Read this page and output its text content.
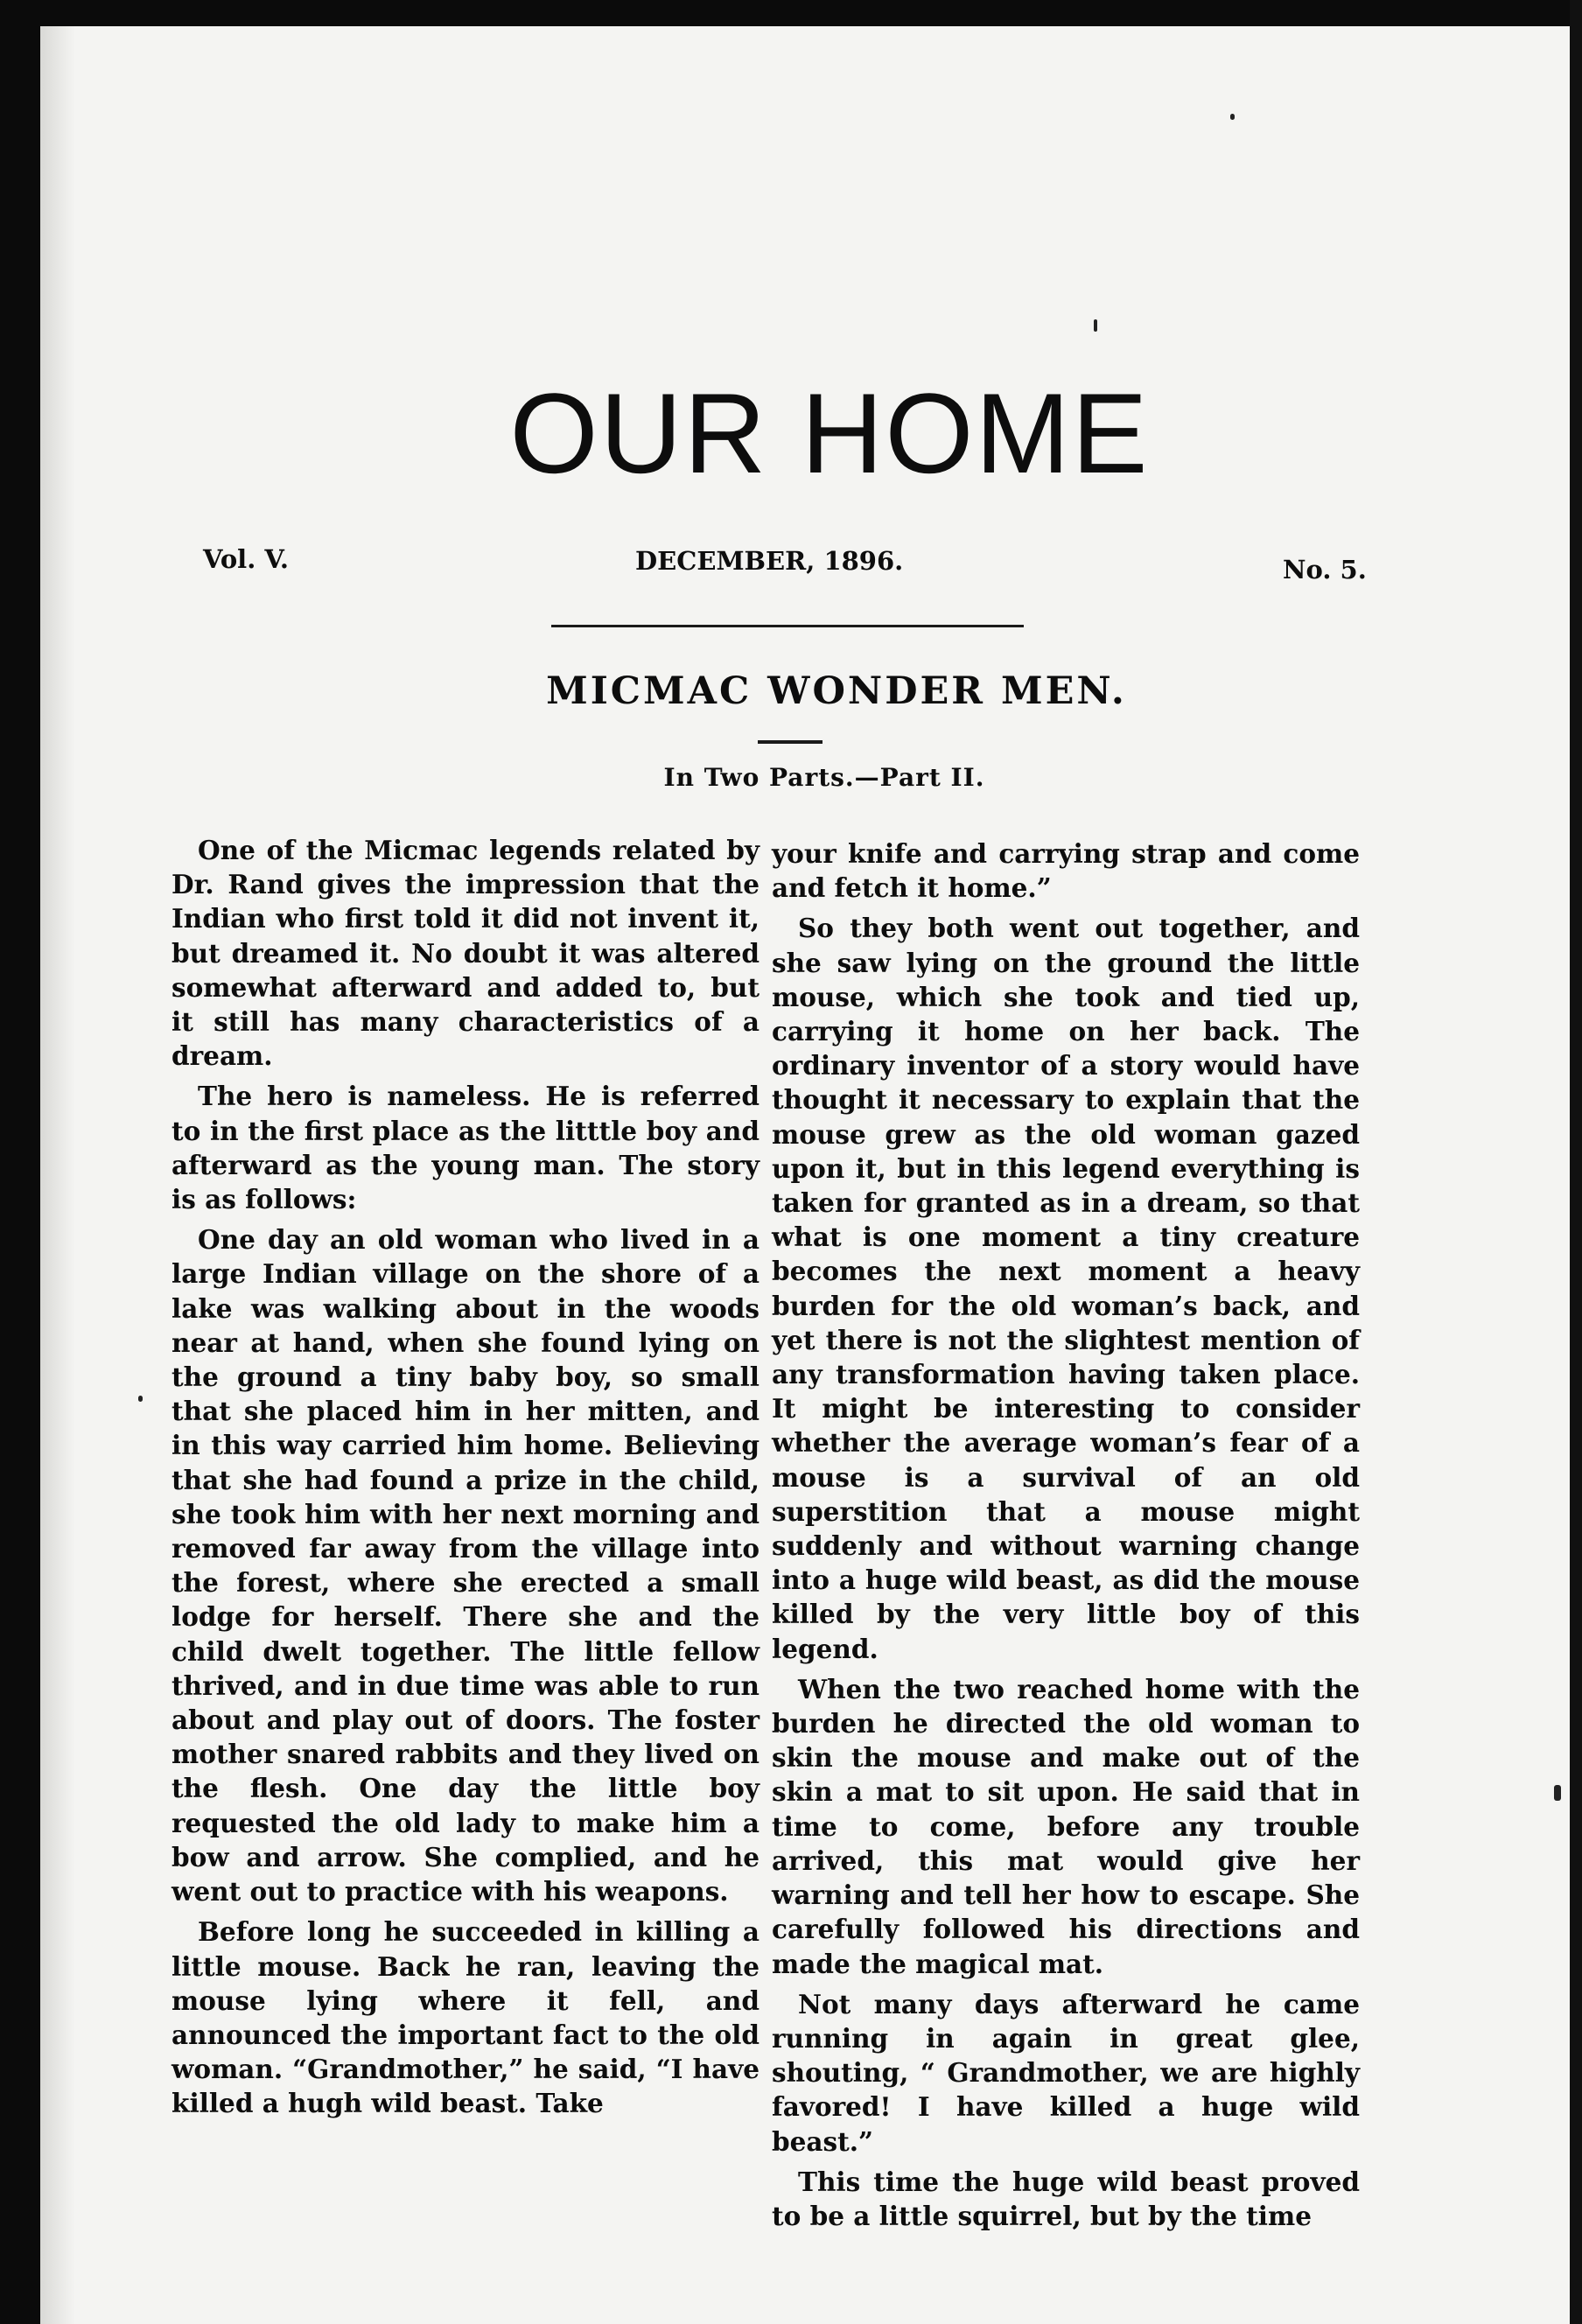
OUR HOME
Vol. V.	DECEMBER, 1896.	No. 5.
MICMAC WONDER MEN.
In Two Parts.—Part II.

One of the Micmac legends related by Dr. Rand gives the impression that the Indian who first told it did not invent it, but dreamed it. No doubt it was altered somewhat afterward and added to, but it still has many characteristics of a dream.

The hero is nameless. He is referred to in the first place as the litttle boy and afterward as the young man. The story is as follows:

One day an old woman who lived in a large Indian village on the shore of a lake was walking about in the woods near at hand, when she found lying on the ground a tiny baby boy, so small that she placed him in her mitten, and in this way carried him home. Believing that she had found a prize in the child, she took him with her next morning and removed far away from the village into the forest, where she erected a small lodge for herself. There she and the child dwelt together. The little fellow thrived, and in due time was able to run about and play out of doors. The foster mother snared rabbits and they lived on the flesh. One day the little boy requested the old lady to make him a bow and arrow. She complied, and he went out to practice with his weapons.

Before long he succeeded in killing a little mouse. Back he ran, leaving the mouse lying where it fell, and announced the important fact to the old woman. “Grandmother,” he said, “I have killed a hugh wild beast. Take

your knife and carrying strap and come and fetch it home.”

So they both went out together, and she saw lying on the ground the little mouse, which she took and tied up, carrying it home on her back. The ordinary inventor of a story would have thought it necessary to explain that the mouse grew as the old woman gazed upon it, but in this legend everything is taken for granted as in a dream, so that what is one moment a tiny creature becomes the next moment a heavy burden for the old woman’s back, and yet there is not the slightest mention of any transformation having taken place. It might be interesting to consider whether the average woman’s fear of a mouse is a survival of an old superstition that a mouse might suddenly and without warning change into a huge wild beast, as did the mouse killed by the very little boy of this legend.

When the two reached home with the burden he directed the old woman to skin the mouse and make out of the skin a mat to sit upon. He said that in time to come, before any trouble arrived, this mat would give her warning and tell her how to escape. She carefully followed his directions and made the magical mat.

Not many days afterward he came running in again in great glee, shouting, “ Grandmother, we are highly favored! I have killed a huge wild beast.”

This time the huge wild beast proved to be a little squirrel, but by the time
